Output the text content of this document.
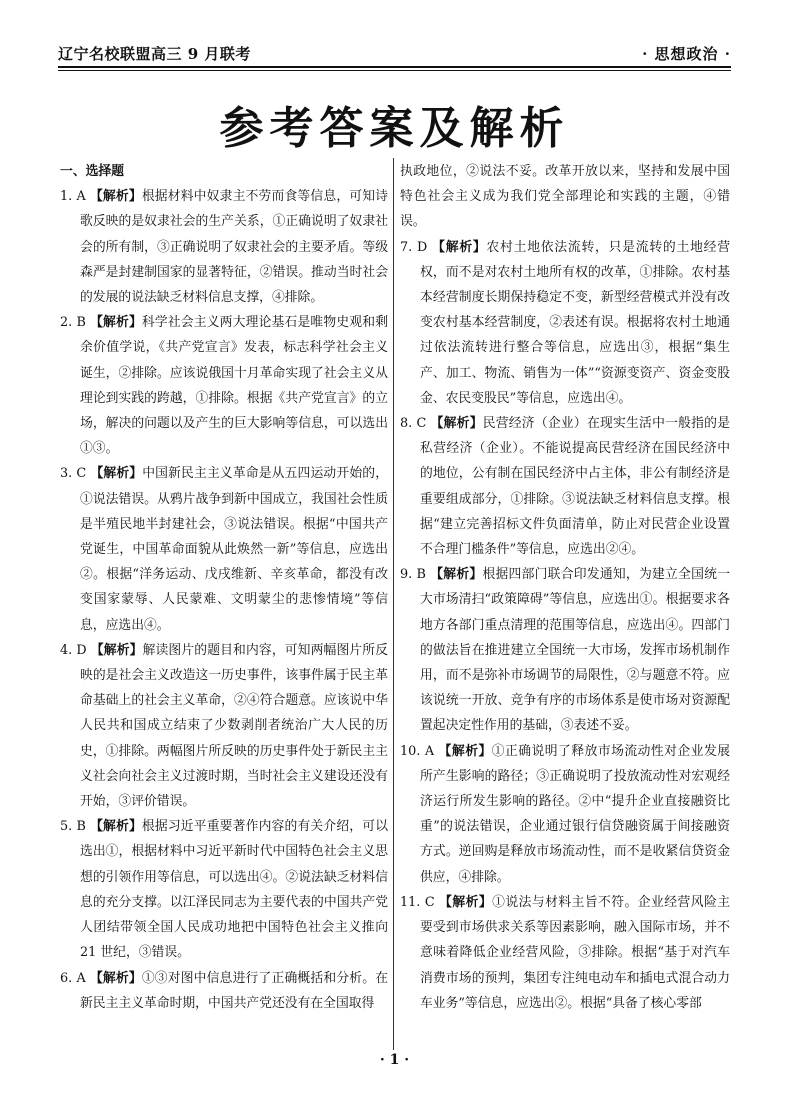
辽宁名校联盟高三 9 月联考	· 思想政治 ·
参考答案及解析
一、选择题
1. A 【解析】根据材料中奴隶主不劳而食等信息，可知诗歌反映的是奴隶社会的生产关系，①正确说明了奴隶社会的所有制，③正确说明了奴隶社会的主要矛盾。等级森严是封建制国家的显著特征，②错误。推动当时社会的发展的说法缺乏材料信息支撑，④排除。
2. B 【解析】科学社会主义两大理论基石是唯物史观和剩余价值学说，《共产党宣言》发表，标志科学社会主义诞生，②排除。应该说俄国十月革命实现了社会主义从理论到实践的跨越，①排除。根据《共产党宣言》的立场，解决的问题以及产生的巨大影响等信息，可以选出①③。
3. C 【解析】中国新民主主义革命是从五四运动开始的，①说法错误。从鸦片战争到新中国成立，我国社会性质是半殖民地半封建社会，③说法错误。根据“中国共产党诞生，中国革命面貌从此焕然一新”等信息，应选出②。根据“洋务运动、戊戌维新、辛亥革命，都没有改变国家蒙辱、人民蒙难、文明蒙尘的悲惨情境”等信息，应选出④。
4. D 【解析】解读图片的题目和内容，可知两幅图片所反映的是社会主义改造这一历史事件，该事件属于民主革命基础上的社会主义革命，②④符合题意。应该说中华人民共和国成立结束了少数剥削者统治广大人民的历史，①排除。两幅图片所反映的历史事件处于新民主主义社会向社会主义过渡时期，当时社会主义建设还没有开始，③评价错误。
5. B 【解析】根据习近平重要著作内容的有关介绍，可以选出①，根据材料中习近平新时代中国特色社会主义思想的引领作用等信息，可以选出④。②说法缺乏材料信息的充分支撑。以江泽民同志为主要代表的中国共产党人团结带领全国人民成功地把中国特色社会主义推向 21 世纪，③错误。
6. A 【解析】①③对图中信息进行了正确概括和分析。在新民主主义革命时期，中国共产党还没有在全国取得
执政地位，②说法不妥。改革开放以来，坚持和发展中国特色社会主义成为我们党全部理论和实践的主题，④错误。
7. D 【解析】农村土地依法流转，只是流转的土地经营权，而不是对农村土地所有权的改革，①排除。农村基本经营制度长期保持稳定不变，新型经营模式并没有改变农村基本经营制度，②表述有误。根据将农村土地通过依法流转进行整合等信息，应选出③，根据“集生产、加工、物流、销售为一体”“资源变资产、资金变股金、农民变股民”等信息，应选出④。
8. C 【解析】民营经济（企业）在现实生活中一般指的是私营经济（企业）。不能说提高民营经济在国民经济中的地位，公有制在国民经济中占主体，非公有制经济是重要组成部分，①排除。③说法缺乏材料信息支撑。根据“建立完善招标文件负面清单，防止对民营企业设置不合理门槛条件”等信息，应选出②④。
9. B 【解析】根据四部门联合印发通知，为建立全国统一大市场清扫“政策障碍”等信息，应选出①。根据要求各地方各部门重点清理的范围等信息，应选出④。四部门的做法旨在推进建立全国统一大市场，发挥市场机制作用，而不是弥补市场调节的局限性，②与题意不符。应该说统一开放、竞争有序的市场体系是使市场对资源配置起决定性作用的基础，③表述不妥。
10. A 【解析】①正确说明了释放市场流动性对企业发展所产生影响的路径；③正确说明了投放流动性对宏观经济运行所发生影响的路径。②中“提升企业直接融资比重”的说法错误，企业通过银行信贷融资属于间接融资方式。逆回购是释放市场流动性，而不是收紧信贷资金供应，④排除。
11. C 【解析】①说法与材料主旨不符。企业经营风险主要受到市场供求关系等因素影响，融入国际市场，并不意味着降低企业经营风险，③排除。根据“基于对汽车消费市场的预判，集团专注纯电动车和插电式混合动力车业务”等信息，应选出②。根据“具备了核心零部
· 1 ·
